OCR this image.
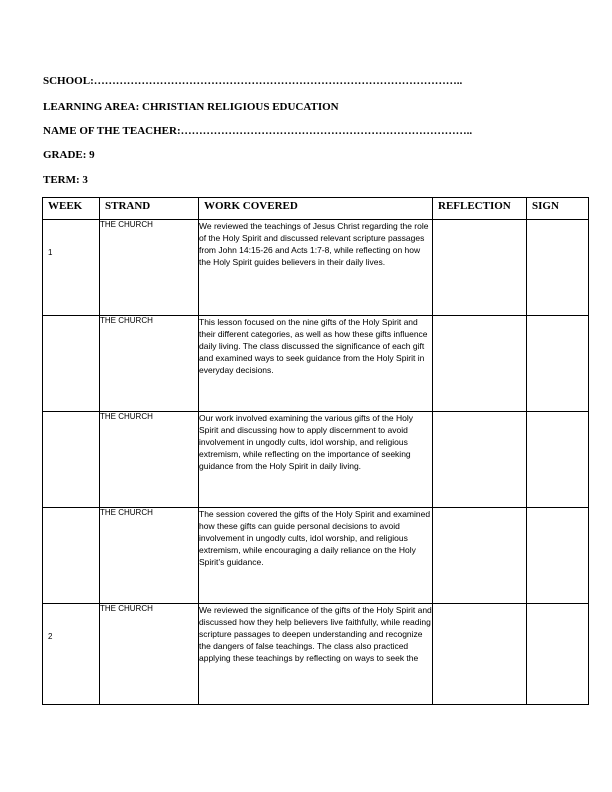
SCHOOL:………………………………………………………………………………………..
LEARNING AREA: CHRISTIAN RELIGIOUS EDUCATION
NAME OF THE TEACHER:……………………………………………………………………..
GRADE: 9
TERM: 3
WEEK	STRAND	WORK COVERED	REFLECTION	SIGN

1	THE CHURCH	We reviewed the teachings of Jesus Christ regarding the role of the Holy Spirit and discussed relevant scripture passages from John 14:15-26 and Acts 1:7-8, while reflecting on how the Holy Spirit guides believers in their daily lives.		

	THE CHURCH	This lesson focused on the nine gifts of the Holy Spirit and their different categories, as well as how these gifts influence daily living. The class discussed the significance of each gift and examined ways to seek guidance from the Holy Spirit in everyday decisions.		

	THE CHURCH	Our work involved examining the various gifts of the Holy Spirit and discussing how to apply discernment to avoid involvement in ungodly cults, idol worship, and religious extremism, while reflecting on the importance of seeking guidance from the Holy Spirit in daily living.		

	THE CHURCH	The session covered the gifts of the Holy Spirit and examined how these gifts can guide personal decisions to avoid involvement in ungodly cults, idol worship, and religious extremism, while encouraging a daily reliance on the Holy Spirit’s guidance.		

2	THE CHURCH	We reviewed the significance of the gifts of the Holy Spirit and discussed how they help believers live faithfully, while reading scripture passages to deepen understanding and recognize the dangers of false teachings. The class also practiced applying these teachings by reflecting on ways to seek the		
